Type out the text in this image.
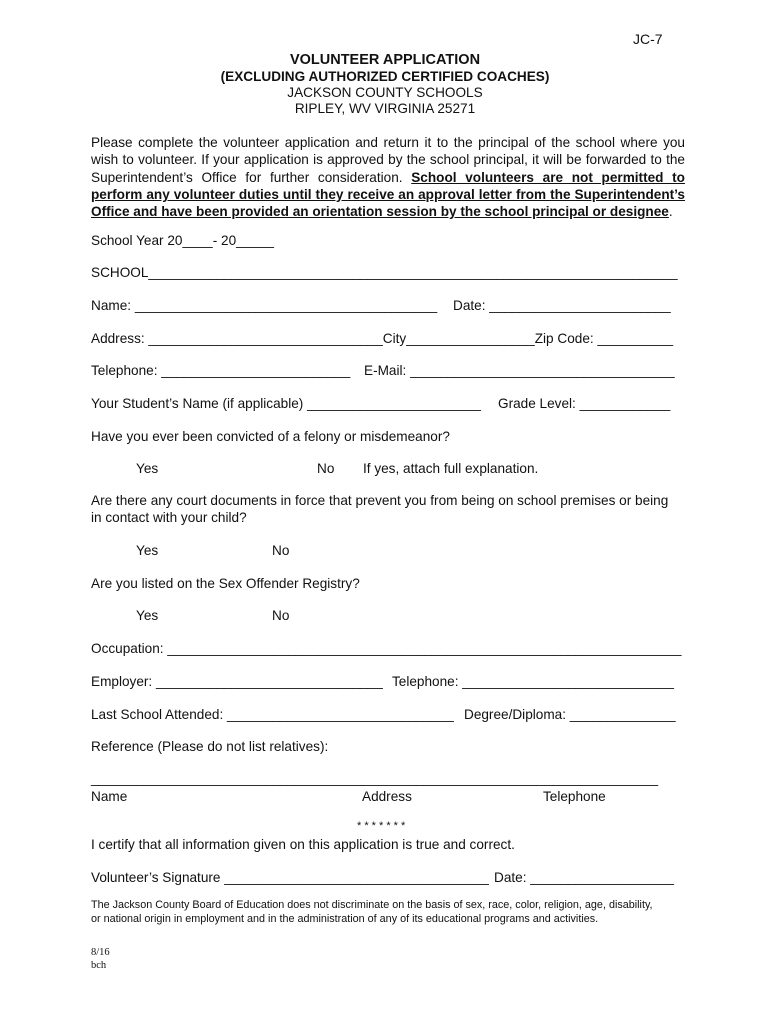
JC-7
VOLUNTEER APPLICATION
(EXCLUDING AUTHORIZED CERTIFIED COACHES)
JACKSON COUNTY SCHOOLS
RIPLEY, WV VIRGINIA 25271
Please complete the volunteer application and return it to the principal of the school where you wish to volunteer. If your application is approved by the school principal, it will be forwarded to the Superintendent’s Office for further consideration. School volunteers are not permitted to perform any volunteer duties until they receive an approval letter from the Superintendent’s Office and have been provided an orientation session by the school principal or designee.
School Year 20____- 20_____
SCHOOL______________________________________________________________________
Name: ________________________________________ Date: ________________________
Address: _______________________________City_________________Zip Code: __________
Telephone: _________________________ E-Mail: ___________________________________
Your Student’s Name (if applicable) _______________________ Grade Level: ____________
Have you ever been convicted of a felony or misdemeanor?
Yes	No If yes, attach full explanation.
Are there any court documents in force that prevent you from being on school premises or being
in contact with your child?
Yes	No
Are you listed on the Sex Offender Registry?
Yes	No
Occupation: ____________________________________________________________________
Employer: ______________________________ Telephone: ____________________________
Last School Attended: ______________________________ Degree/Diploma: ______________
Reference (Please do not list relatives):
___________________________________________________________________________
Name	Address	Telephone
* * * * * * *
I certify that all information given on this application is true and correct.
Volunteer’s Signature ___________________________________ Date: ___________________
The Jackson County Board of Education does not discriminate on the basis of sex, race, color, religion, age, disability,
or national origin in employment and in the administration of any of its educational programs and activities.
8/16
bch
